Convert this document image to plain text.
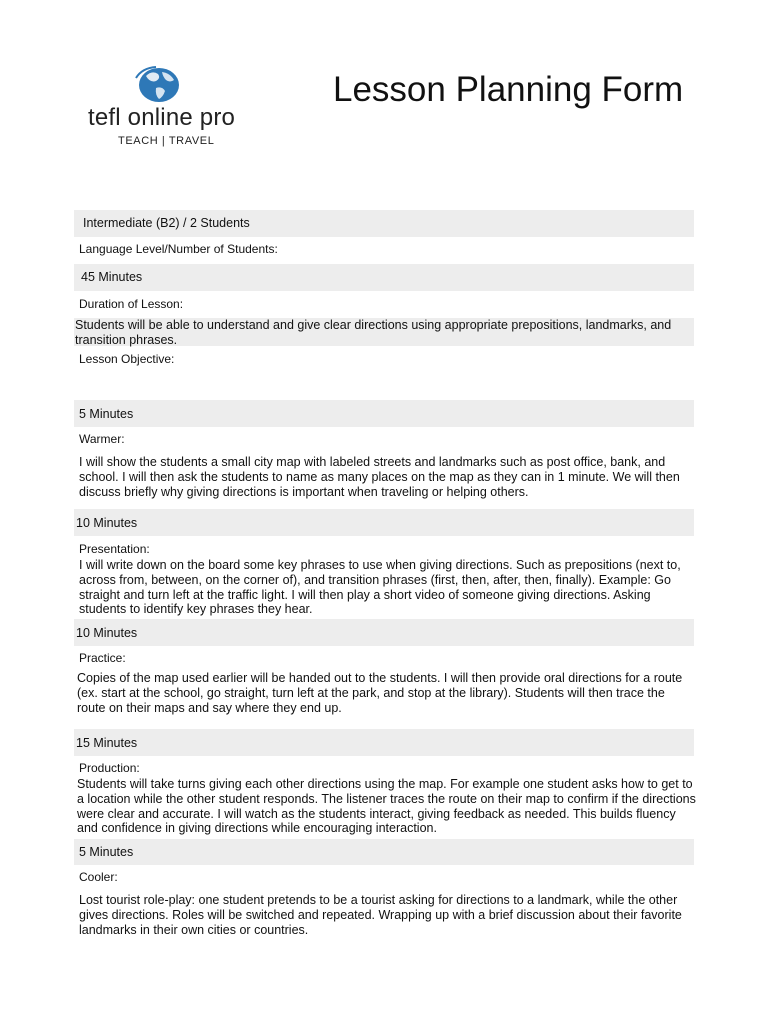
tefl online pro
TEACH | TRAVEL
Lesson Planning Form
Intermediate (B2) / 2 Students
Language Level/Number of Students:
45 Minutes
Duration of Lesson:
Students will be able to understand and give clear directions using appropriate prepositions, landmarks, and transition phrases.
Lesson Objective:
5 Minutes
Warmer:
I will show the students a small city map with labeled streets and landmarks such as post office, bank, and school. I will then ask the students to name as many places on the map as they can in 1 minute. We will then discuss briefly why giving directions is important when traveling or helping others.
10 Minutes
Presentation:
I will write down on the board some key phrases to use when giving directions. Such as prepositions (next to, across from, between, on the corner of), and transition phrases (first, then, after, then, finally). Example: Go straight and turn left at the traffic light. I will then play a short video of someone giving directions. Asking students to identify key phrases they hear.
10 Minutes
Practice:
Copies of the map used earlier will be handed out to the students. I will then provide oral directions for a route (ex. start at the school, go straight, turn left at the park, and stop at the library). Students will then trace the route on their maps and say where they end up.
15 Minutes
Production:
Students will take turns giving each other directions using the map. For example one student asks how to get to a location while the other student responds. The listener traces the route on their map to confirm if the directions were clear and accurate. I will watch as the students interact, giving feedback as needed. This builds fluency and confidence in giving directions while encouraging interaction.
5 Minutes
Cooler:
Lost tourist role-play: one student pretends to be a tourist asking for directions to a landmark, while the other gives directions. Roles will be switched and repeated. Wrapping up with a brief discussion about their favorite landmarks in their own cities or countries.
